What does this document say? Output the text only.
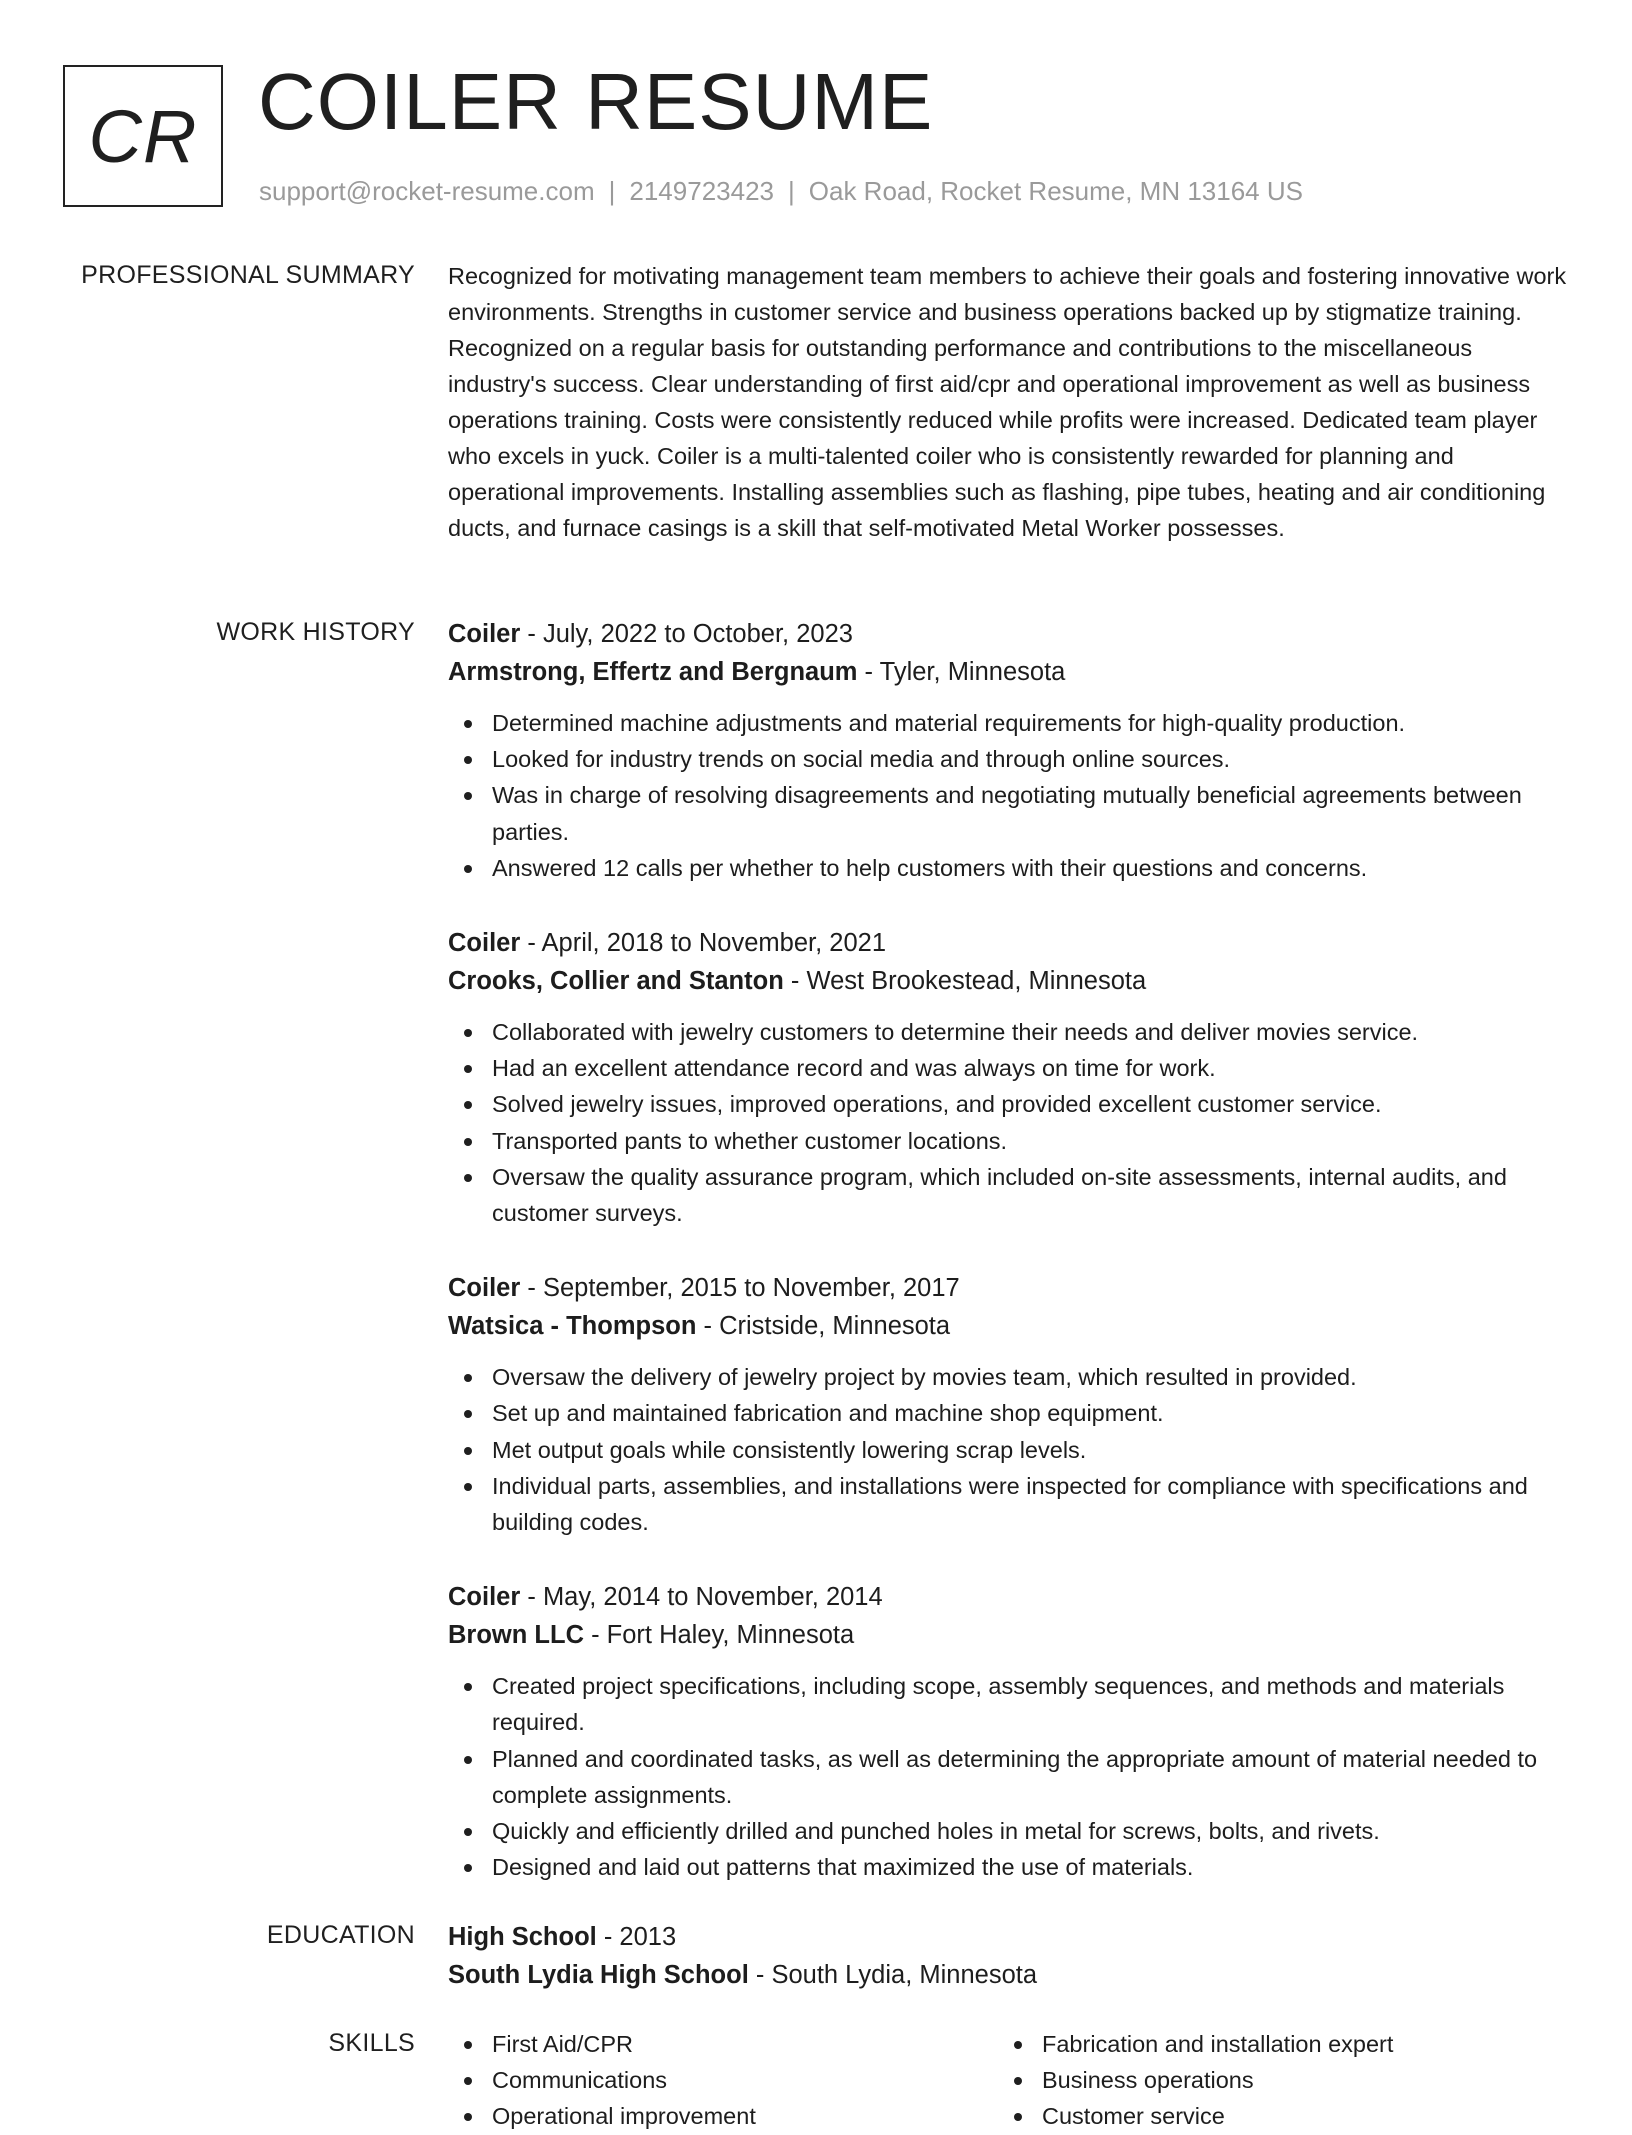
CR COILER RESUME
support@rocket-resume.com | 2149723423 | Oak Road, Rocket Resume, MN 13164 US
PROFESSIONAL SUMMARY Recognized for motivating management team members to achieve their goals and fostering innovative work environments. Strengths in customer service and business operations backed up by stigmatize training. Recognized on a regular basis for outstanding performance and contributions to the miscellaneous industry's success. Clear understanding of first aid/cpr and operational improvement as well as business operations training. Costs were consistently reduced while profits were increased. Dedicated team player who excels in yuck. Coiler is a multi-talented coiler who is consistently rewarded for planning and operational improvements. Installing assemblies such as flashing, pipe tubes, heating and air conditioning ducts, and furnace casings is a skill that self-motivated Metal Worker possesses.

WORK HISTORY Coiler - July, 2022 to October, 2023

Armstrong, Effertz and Bergnaum - Tyler, Minnesota

Determined machine adjustments and material requirements for high-quality production.
Looked for industry trends on social media and through online sources.
Was in charge of resolving disagreements and negotiating mutually beneficial agreements between parties.
Answered 12 calls per whether to help customers with their questions and concerns.

Coiler - April, 2018 to November, 2021

Crooks, Collier and Stanton - West Brookestead, Minnesota

Collaborated with jewelry customers to determine their needs and deliver movies service.
Had an excellent attendance record and was always on time for work.
Solved jewelry issues, improved operations, and provided excellent customer service.
Transported pants to whether customer locations.
Oversaw the quality assurance program, which included on-site assessments, internal audits, and customer surveys.

Coiler - September, 2015 to November, 2017

Watsica - Thompson - Cristside, Minnesota

Oversaw the delivery of jewelry project by movies team, which resulted in provided.
Set up and maintained fabrication and machine shop equipment.
Met output goals while consistently lowering scrap levels.
Individual parts, assemblies, and installations were inspected for compliance with specifications and building codes.

Coiler - May, 2014 to November, 2014

Brown LLC - Fort Haley, Minnesota

Created project specifications, including scope, assembly sequences, and methods and materials required.
Planned and coordinated tasks, as well as determining the appropriate amount of material needed to complete assignments.
Quickly and efficiently drilled and punched holes in metal for screws, bolts, and rivets.
Designed and laid out patterns that maximized the use of materials.
EDUCATION High School - 2013

South Lydia High School - South Lydia, Minnesota

SKILLS	First Aid/CPR
Communications
Operational improvement
Fabrication and installation expert
Business operations
Customer service
